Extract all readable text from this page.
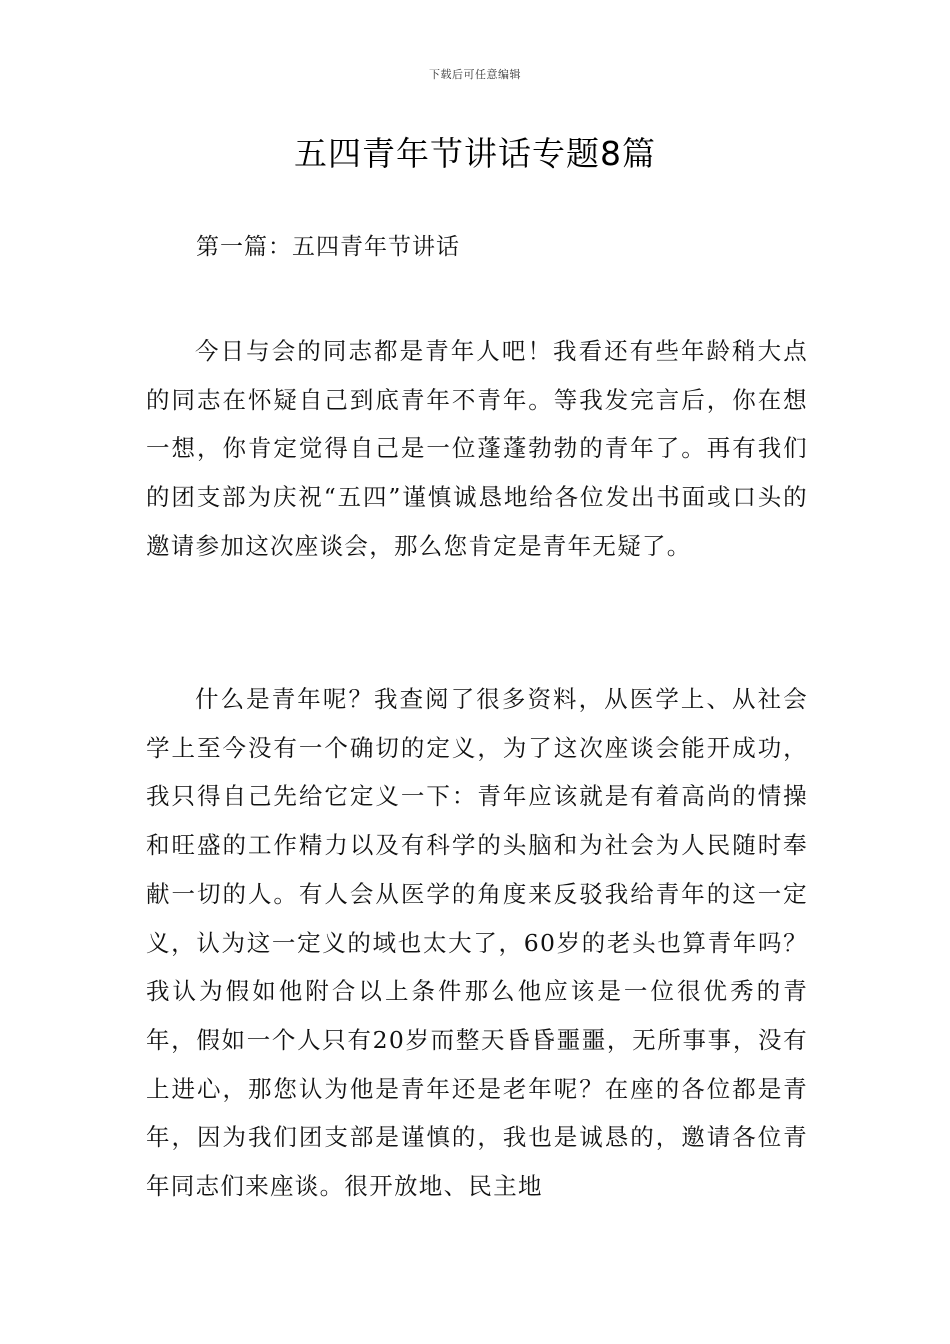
下载后可任意编辑
五四青年节讲话专题8篇
第一篇：五四青年节讲话

今日与会的同志都是青年人吧！我看还有些年龄稍大点的同志在怀疑自己到底青年不青年。等我发完言后，你在想一想，你肯定觉得自己是一位蓬蓬勃勃的青年了。再有我们的团支部为庆祝“五四”谨慎诚恳地给各位发出书面或口头的邀请参加这次座谈会，那么您肯定是青年无疑了。

什么是青年呢？我查阅了很多资料，从医学上、从社会学上至今没有一个确切的定义，为了这次座谈会能开成功，我只得自己先给它定义一下：青年应该就是有着高尚的情操和旺盛的工作精力以及有科学的头脑和为社会为人民随时奉献一切的人。有人会从医学的角度来反驳我给青年的这一定义，认为这一定义的域也太大了，60岁的老头也算青年吗？我认为假如他附合以上条件那么他应该是一位很优秀的青年，假如一个人只有20岁而整天昏昏噩噩，无所事事，没有上进心，那您认为他是青年还是老年呢？在座的各位都是青年，因为我们团支部是谨慎的，我也是诚恳的，邀请各位青年同志们来座谈。很开放地、民主地
